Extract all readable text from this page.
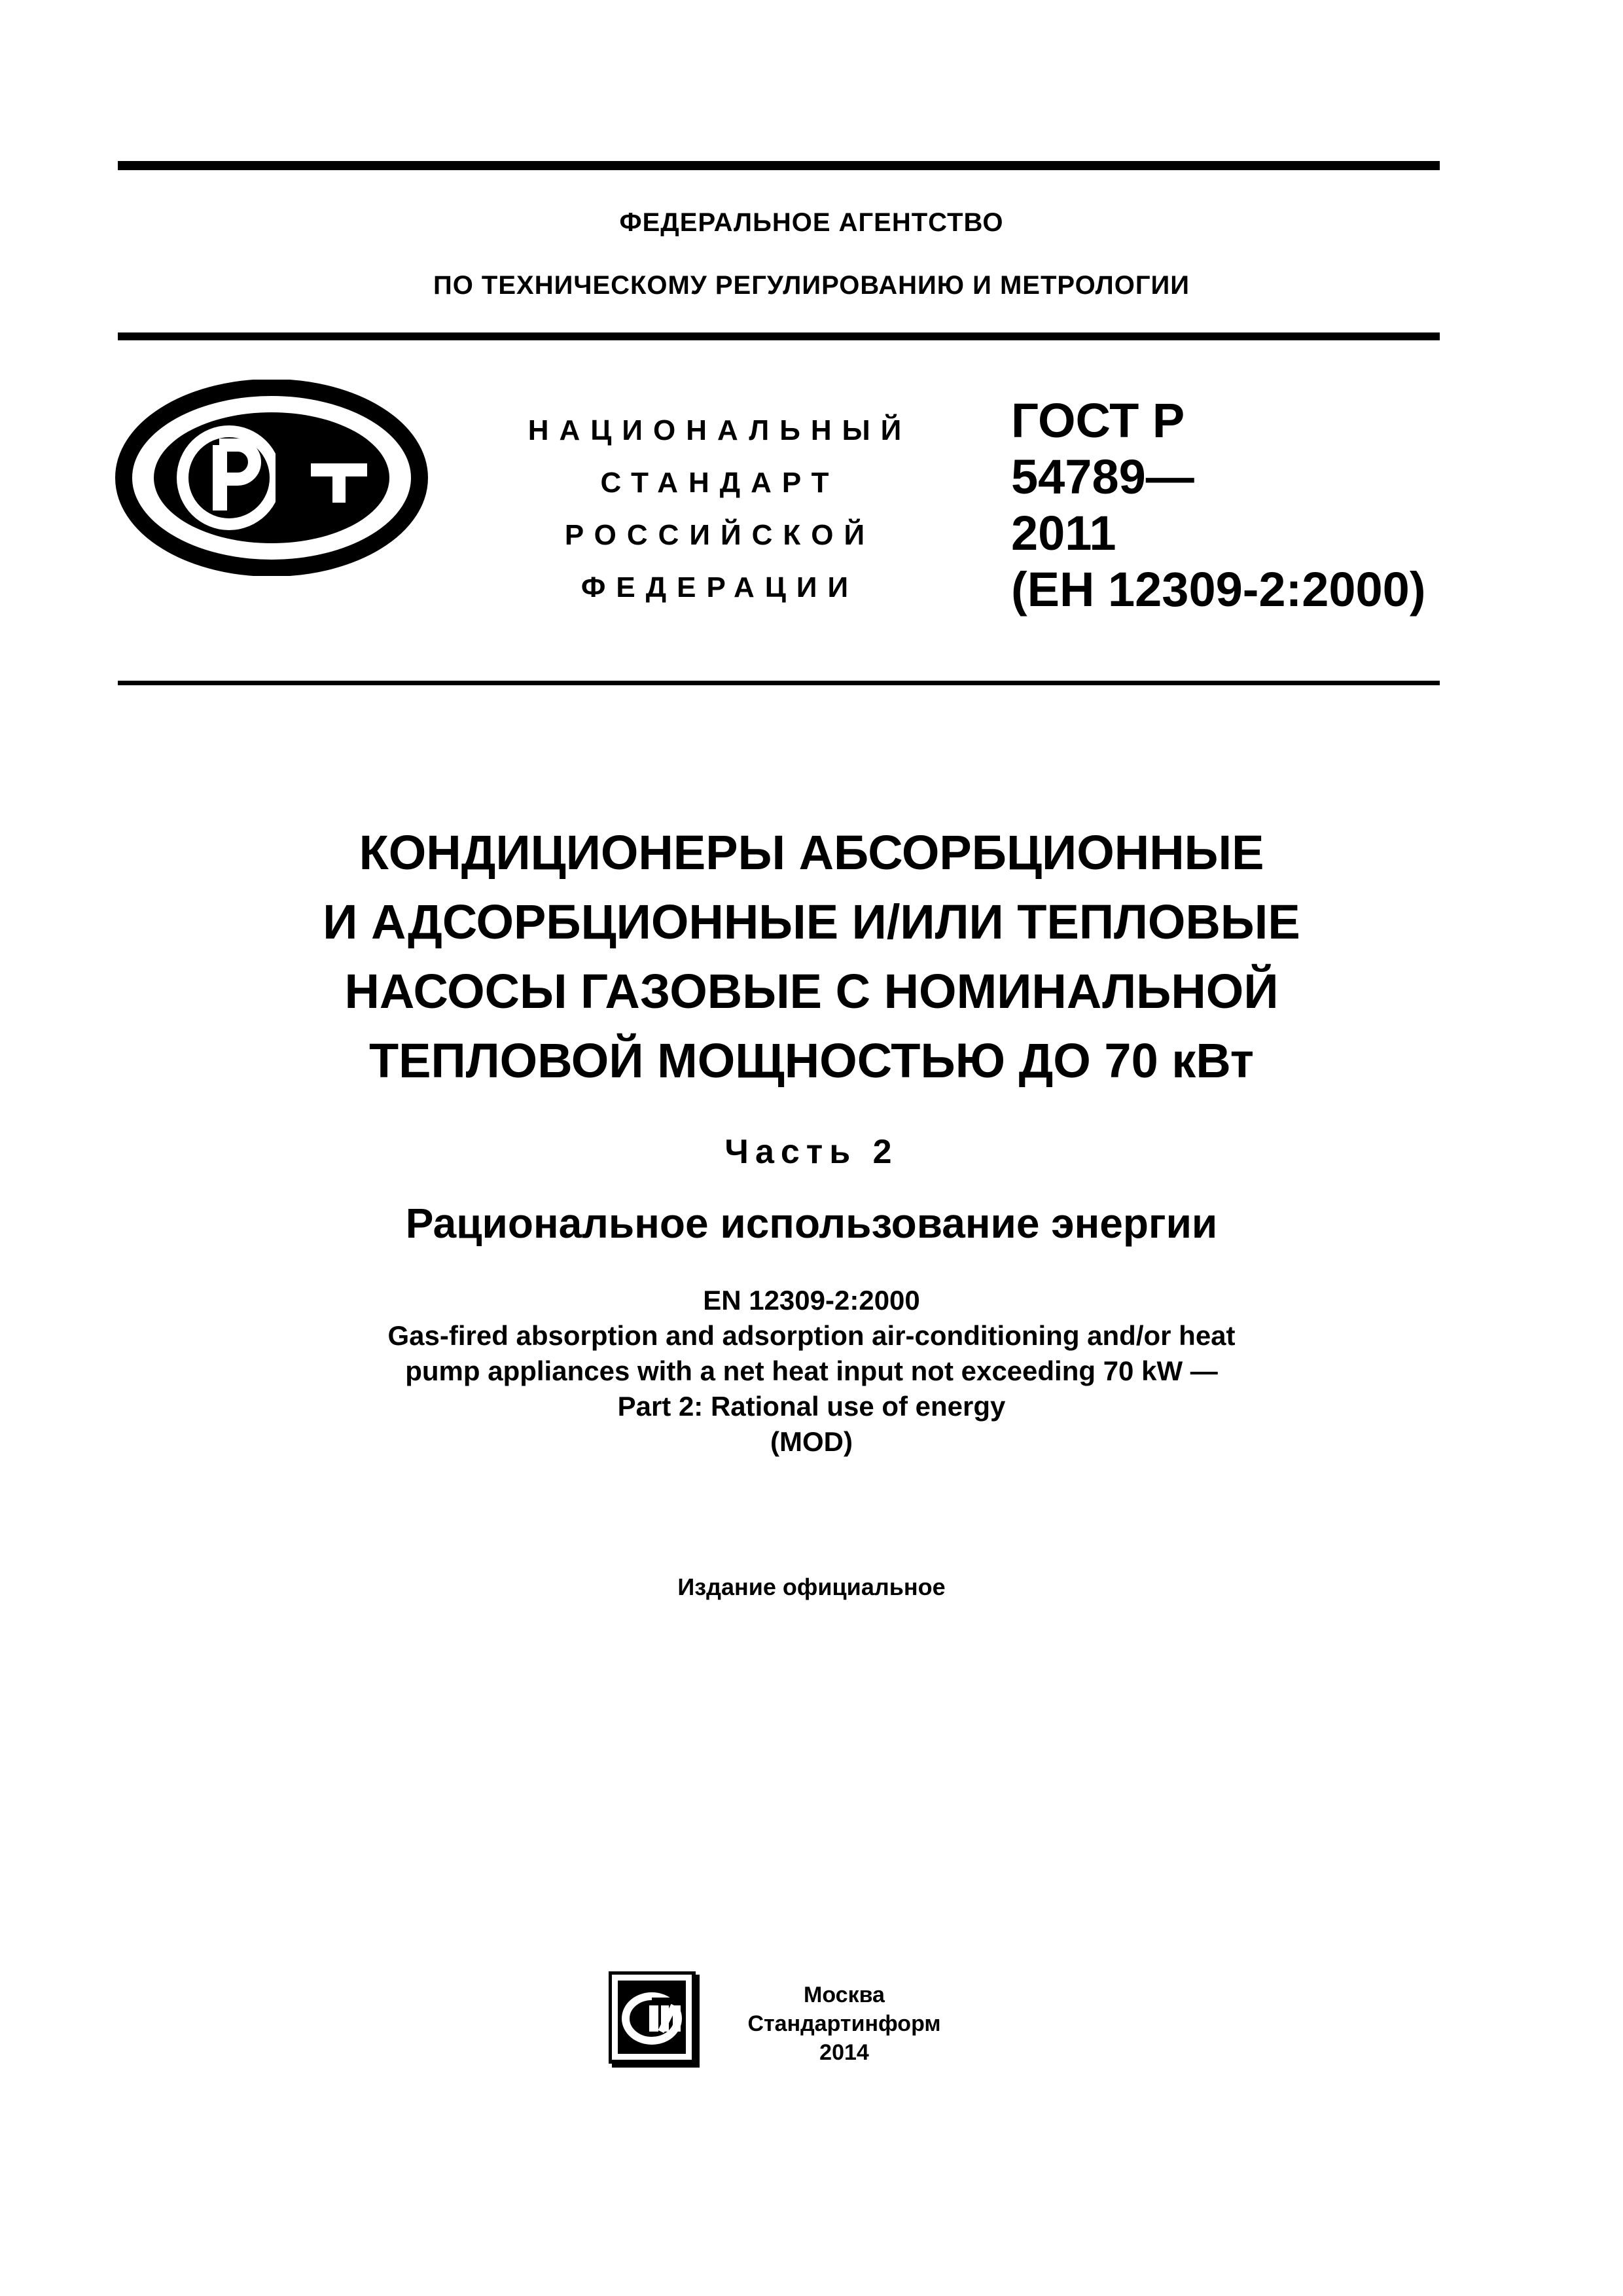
ФЕДЕРАЛЬНОЕ АГЕНТСТВО
ПО ТЕХНИЧЕСКОМУ РЕГУЛИРОВАНИЮ И МЕТРОЛОГИИ
НАЦИОНАЛЬНЫЙ
СТАНДАРТ
РОССИЙСКОЙ
ФЕДЕРАЦИИ
ГОСТ Р
54789—
2011
(ЕН 12309-2:2000)
КОНДИЦИОНЕРЫ АБСОРБЦИОННЫЕ
И АДСОРБЦИОННЫЕ И/ИЛИ ТЕПЛОВЫЕ
НАСОСЫ ГАЗОВЫЕ С НОМИНАЛЬНОЙ
ТЕПЛОВОЙ МОЩНОСТЬЮ ДО 70 кВт
Часть 2
Рациональное использование энергии
EN 12309-2:2000
Gas-fired absorption and adsorption air-conditioning and/or heat
pump appliances with a net heat input not exceeding 70 kW —
Part 2: Rational use of energy
(MOD)
Издание официальное
Москва
Стандартинформ
2014
